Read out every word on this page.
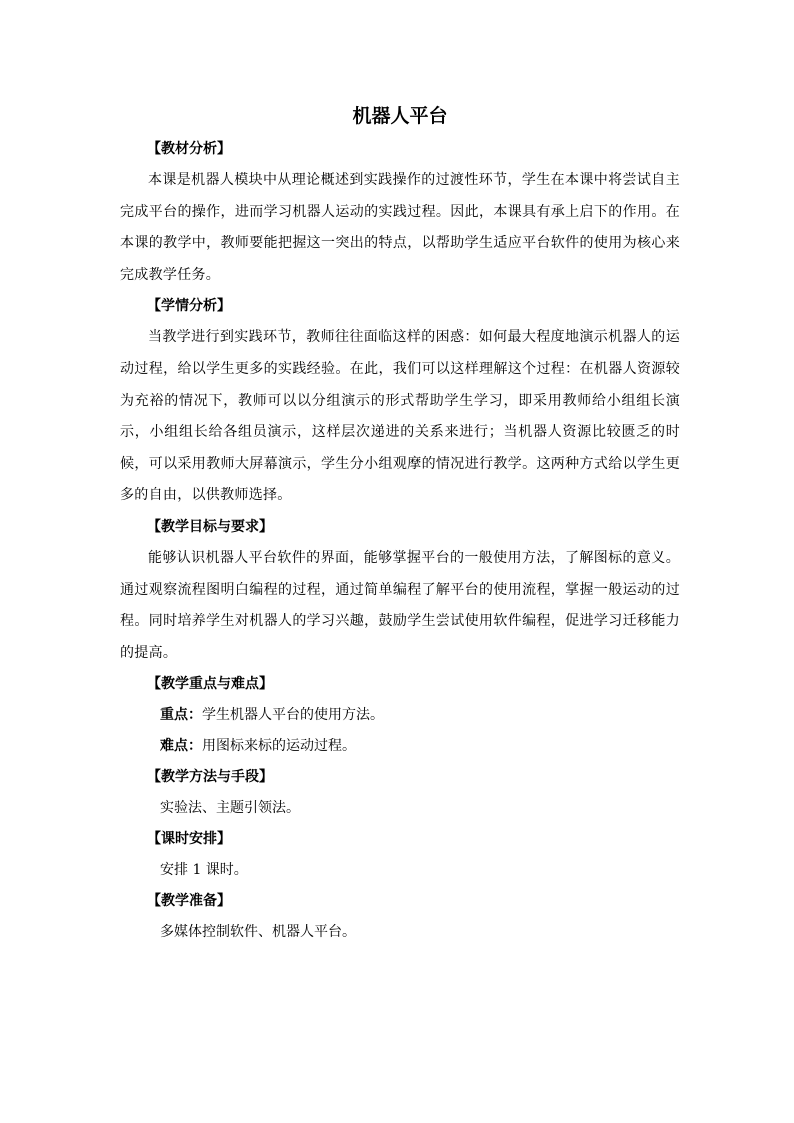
机器人平台
【教材分析】

本课是机器人模块中从理论概述到实践操作的过渡性环节，学生在本课中将尝试自主完成平台的操作，进而学习机器人运动的实践过程。因此，本课具有承上启下的作用。在本课的教学中，教师要能把握这一突出的特点，以帮助学生适应平台软件的使用为核心来完成教学任务。

【学情分析】

当教学进行到实践环节，教师往往面临这样的困惑：如何最大程度地演示机器人的运动过程，给以学生更多的实践经验。在此，我们可以这样理解这个过程：在机器人资源较为充裕的情况下，教师可以以分组演示的形式帮助学生学习，即采用教师给小组组长演示，小组组长给各组员演示，这样层次递进的关系来进行；当机器人资源比较匮乏的时候，可以采用教师大屏幕演示，学生分小组观摩的情况进行教学。这两种方式给以学生更多的自由，以供教师选择。

【教学目标与要求】

能够认识机器人平台软件的界面，能够掌握平台的一般使用方法，了解图标的意义。通过观察流程图明白编程的过程，通过简单编程了解平台的使用流程，掌握一般运动的过程。同时培养学生对机器人的学习兴趣，鼓励学生尝试使用软件编程，促进学习迁移能力的提高。

【教学重点与难点】
重点：学生机器人平台的使用方法。
难点：用图标来标的运动过程。
【教学方法与手段】
实验法、主题引领法。
【课时安排】
安排 1 课时。
【教学准备】
多媒体控制软件、机器人平台。
